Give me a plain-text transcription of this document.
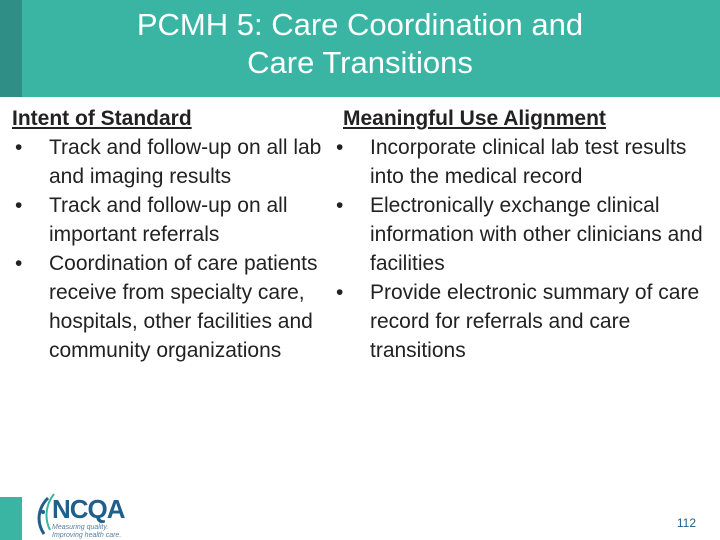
PCMH 5: Care Coordination and
Care Transitions
Intent of Standard
•	Track and follow-up on all lab and imaging results
•	Track and follow-up on all important referrals
•	Coordination of care patients receive from specialty care, hospitals, other facilities and community organizations
Meaningful Use Alignment
•	Incorporate clinical lab test results into the medical record
•	Electronically exchange clinical information with other clinicians and facilities
•	Provide electronic summary of care record for referrals and care transitions
NCQA
Measuring quality. Improving health care.
112
